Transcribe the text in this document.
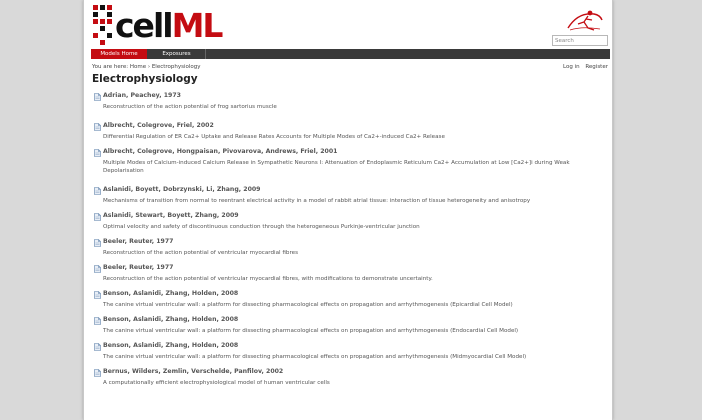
cellML
Search
Models Home	Exposures
You are here: Home › Electrophysiology	Log in Register
Electrophysiology
Adrian, Peachey, 1973
Reconstruction of the action potential of frog sartorius muscle
Albrecht, Colegrove, Friel, 2002
Differential Regulation of ER Ca2+ Uptake and Release Rates Accounts for Multiple Modes of Ca2+-induced Ca2+ Release
Albrecht, Colegrove, Hongpaisan, Pivovarova, Andrews, Friel, 2001
Multiple Modes of Calcium-induced Calcium Release in Sympathetic Neurons I: Attenuation of Endoplasmic Reticulum Ca2+ Accumulation at Low [Ca2+]i during Weak Depolarisation
Aslanidi, Boyett, Dobrzynski, Li, Zhang, 2009
Mechanisms of transition from normal to reentrant electrical activity in a model of rabbit atrial tissue: interaction of tissue heterogeneity and anisotropy
Aslanidi, Stewart, Boyett, Zhang, 2009
Optimal velocity and safety of discontinuous conduction through the heterogeneous Purkinje-ventricular junction
Beeler, Reuter, 1977
Reconstruction of the action potential of ventricular myocardial fibres
Beeler, Reuter, 1977
Reconstruction of the action potential of ventricular myocardial fibres, with modifications to demonstrate uncertainty.
Benson, Aslanidi, Zhang, Holden, 2008
The canine virtual ventricular wall: a platform for dissecting pharmacological effects on propagation and arrhythmogenesis (Epicardial Cell Model)
Benson, Aslanidi, Zhang, Holden, 2008
The canine virtual ventricular wall: a platform for dissecting pharmacological effects on propagation and arrhythmogenesis (Endocardial Cell Model)
Benson, Aslanidi, Zhang, Holden, 2008
The canine virtual ventricular wall: a platform for dissecting pharmacological effects on propagation and arrhythmogenesis (Midmyocardial Cell Model)
Bernus, Wilders, Zemlin, Verschelde, Panfilov, 2002
A computationally efficient electrophysiological model of human ventricular cells
